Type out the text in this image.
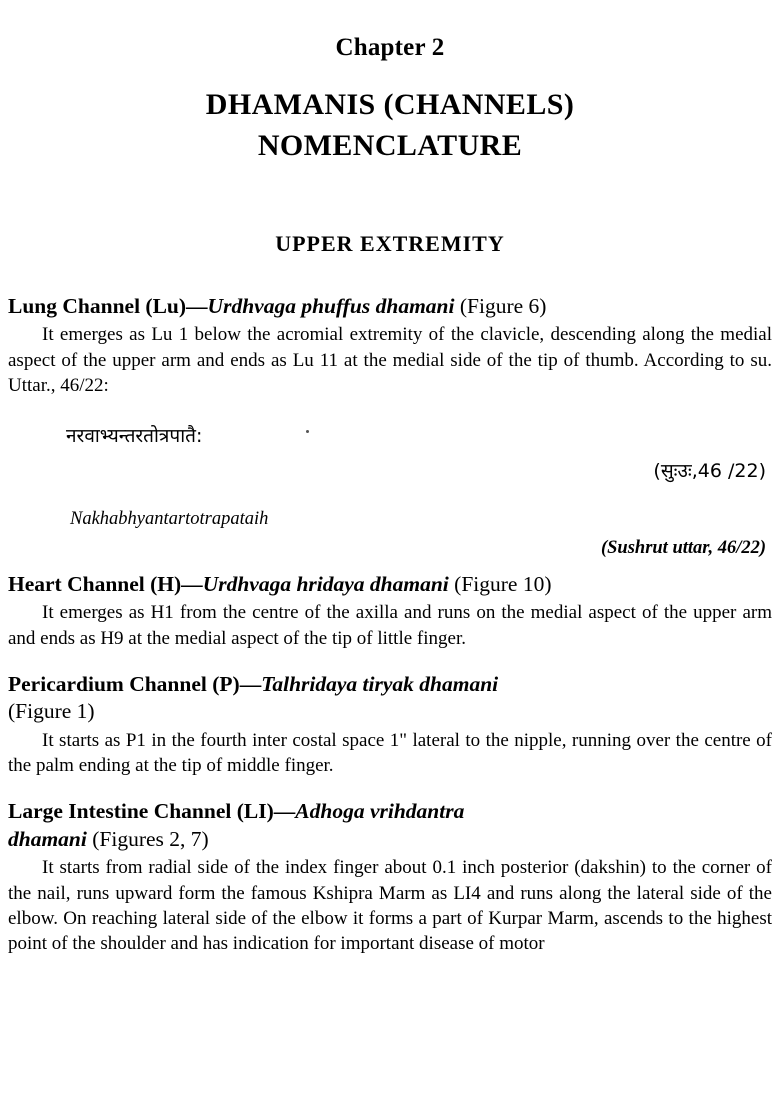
Chapter 2
DHAMANIS (CHANNELS)
NOMENCLATURE
UPPER EXTREMITY
Lung Channel (Lu)—Urdhvaga phuffus dhamani (Figure 6)

It emerges as Lu 1 below the acromial extremity of the clavicle, descending along the medial aspect of the upper arm and ends as Lu 11 at the medial side of the tip of thumb. According to su. Uttar., 46/22:

नरवाभ्यन्तरतोत्रपातै:
(सुःउः,46 /22)
Nakhabhyantartotrapataih
(Sushrut uttar, 46/22)
Heart Channel (H)—Urdhvaga hridaya dhamani (Figure 10)

It emerges as H1 from the centre of the axilla and runs on the medial aspect of the upper arm and ends as H9 at the medial aspect of the tip of little finger.

Pericardium Channel (P)—Talhridaya tiryak dhamani
(Figure 1)

It starts as P1 in the fourth inter costal space 1" lateral to the nipple, running over the centre of the palm ending at the tip of middle finger.

Large Intestine Channel (LI)—Adhoga vrihdantra
dhamani (Figures 2, 7)

It starts from radial side of the index finger about 0.1 inch posterior (dakshin) to the corner of the nail, runs upward form the famous Kshipra Marm as LI4 and runs along the lateral side of the elbow. On reaching lateral side of the elbow it forms a part of Kurpar Marm, ascends to the highest point of the shoulder and has indication for important disease of motor
